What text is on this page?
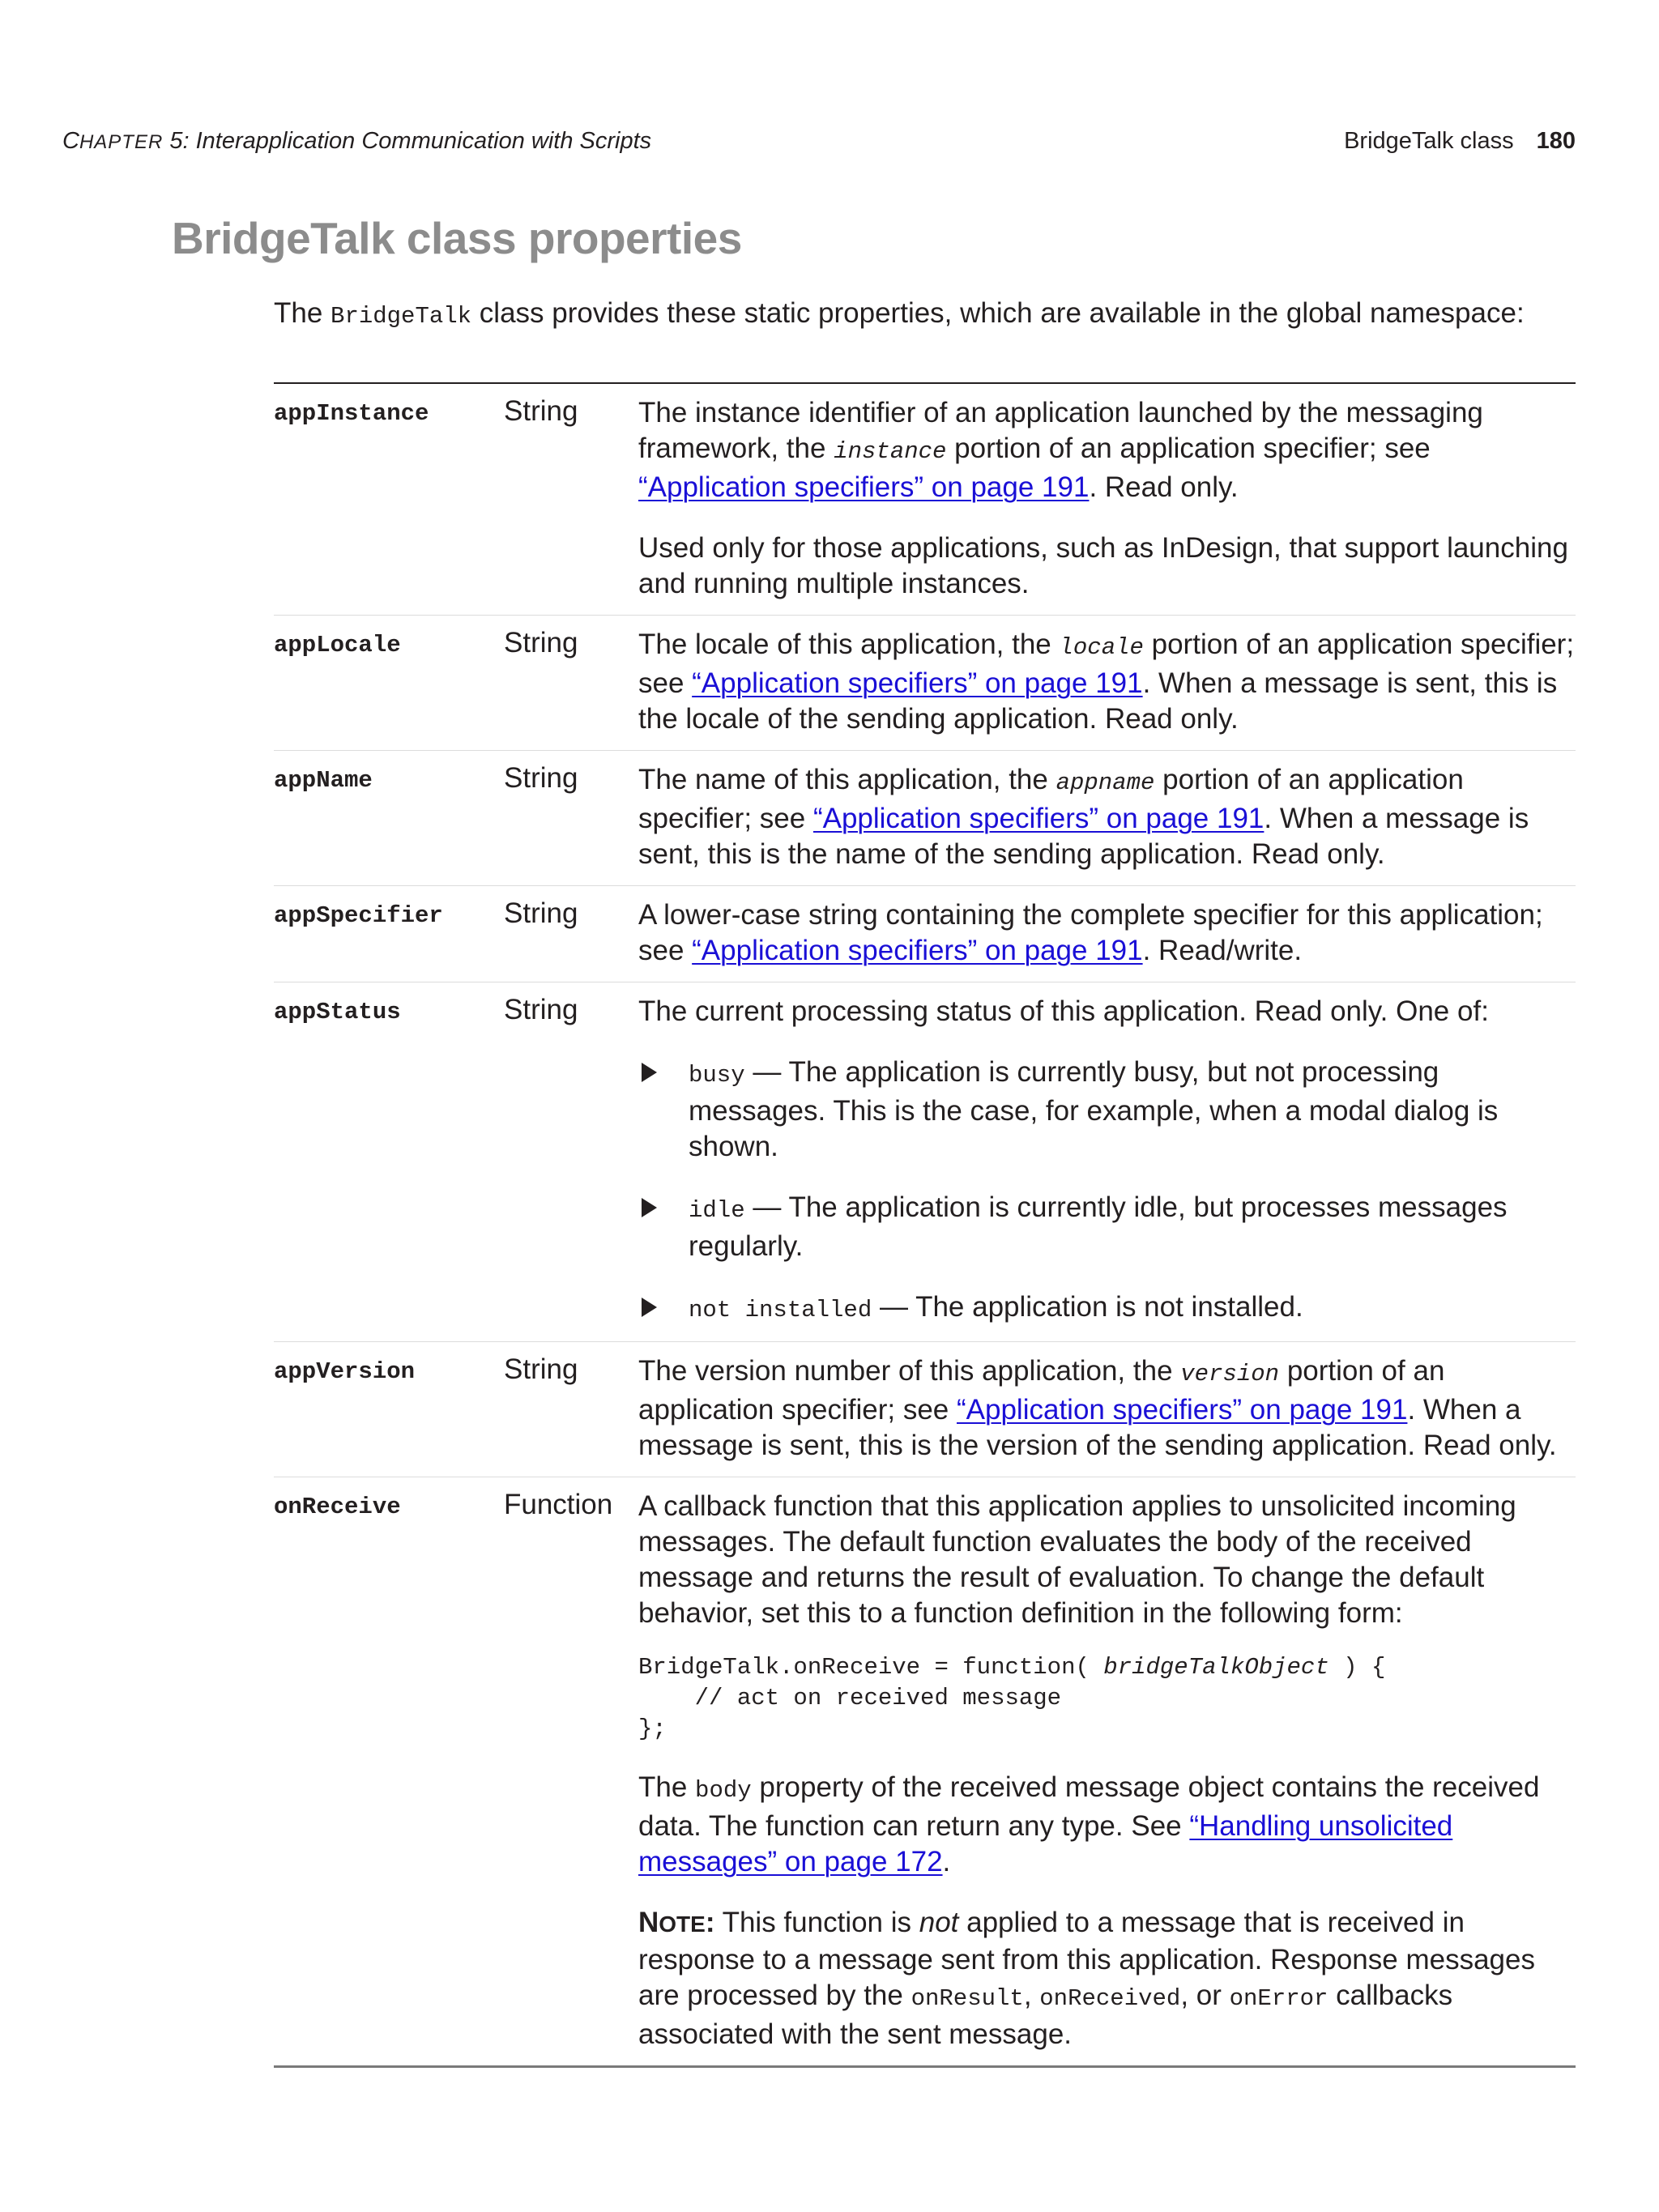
CHAPTER 5: Interapplication Communication with Scripts	BridgeTalk class 180
BridgeTalk class properties
The BridgeTalk class provides these static properties, which are available in the global namespace:
appInstance	String The instance identifier of an application launched by the messaging framework, the instance portion of an application specifier; see “Application specifiers” on page 191. Read only.

Used only for those applications, such as InDesign, that support launching and running multiple instances.

appLocale	String The locale of this application, the locale portion of an application specifier; see “Application specifiers” on page 191. When a message is sent, this is the locale of the sending application. Read only.

appName	String The name of this application, the appname portion of an application specifier; see “Application specifiers” on page 191. When a message is sent, this is the name of the sending application. Read only.

appSpecifier String A lower-case string containing the complete specifier for this application; see “Application specifiers” on page 191. Read/write.

appStatus	String The current processing status of this application. Read only. One of:

busy — The application is currently busy, but not processing messages. This is the case, for example, when a modal dialog is shown.
idle — The application is currently idle, but processes messages regularly.
not installed — The application is not installed.
appVersion	String The version number of this application, the version portion of an application specifier; see “Application specifiers” on page 191. When a message is sent, this is the version of the sending application. Read only.

onReceive	Function A callback function that this application applies to unsolicited incoming messages. The default function evaluates the body of the received message and returns the result of evaluation. To change the default behavior, set this to a function definition in the following form:

BridgeTalk.onReceive = function( bridgeTalkObject ) {
// act on received message
};

The body property of the received message object contains the received data. The function can return any type. See “Handling unsolicited messages” on page 172.

NOTE: This function is not applied to a message that is received in response to a message sent from this application. Response messages are processed by the onResult, onReceived, or onError callbacks associated with the sent message.
